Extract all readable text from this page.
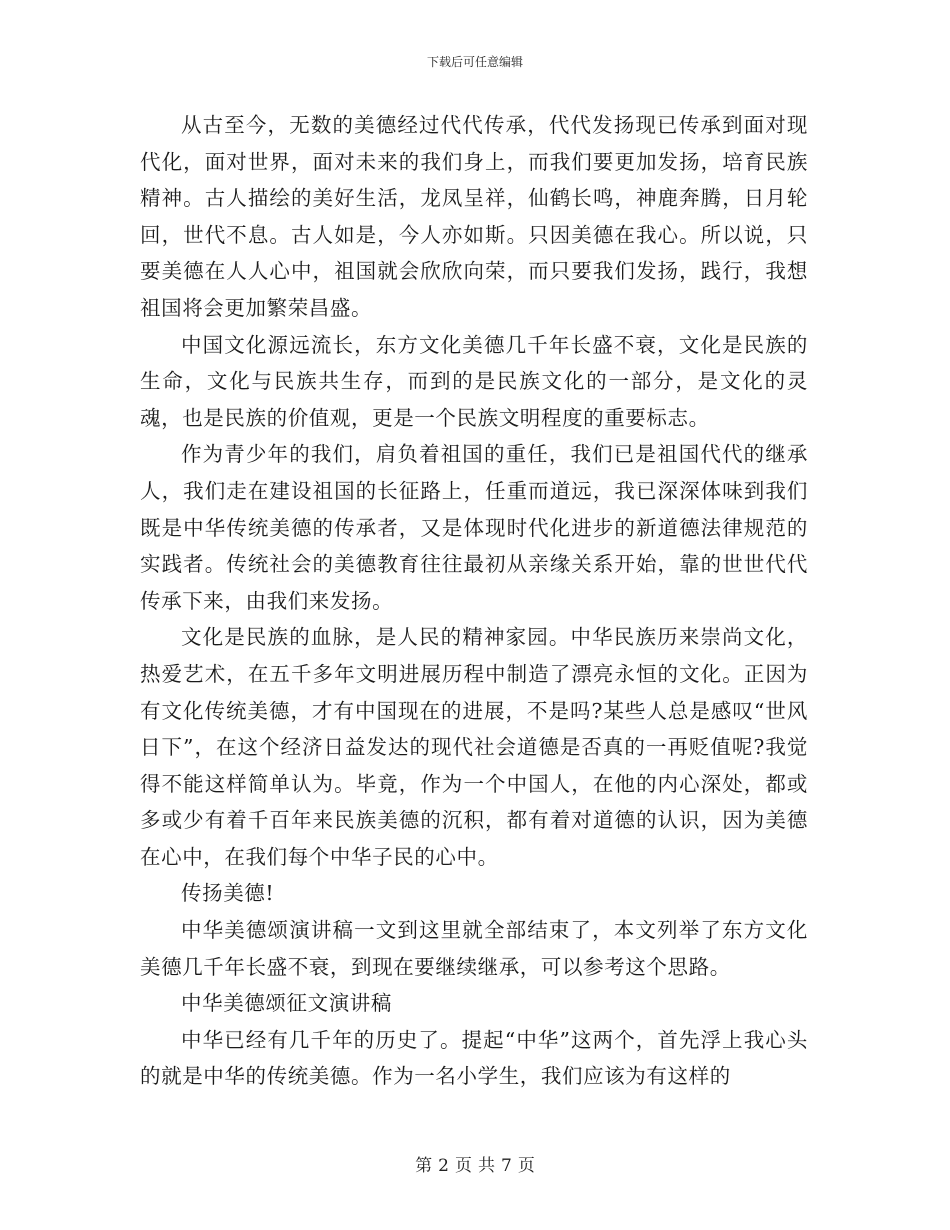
下载后可任意编辑

从古至今，无数的美德经过代代传承，代代发扬现已传承到面对现代化，面对世界，面对未来的我们身上，而我们要更加发扬，培育民族精神。古人描绘的美好生活，龙凤呈祥，仙鹤长鸣，神鹿奔腾，日月轮回，世代不息。古人如是，今人亦如斯。只因美德在我心。所以说，只要美德在人人心中，祖国就会欣欣向荣，而只要我们发扬，践行，我想祖国将会更加繁荣昌盛。

中国文化源远流长，东方文化美德几千年长盛不衰，文化是民族的生命，文化与民族共生存，而到的是民族文化的一部分，是文化的灵魂，也是民族的价值观，更是一个民族文明程度的重要标志。

作为青少年的我们，肩负着祖国的重任，我们已是祖国代代的继承人，我们走在建设祖国的长征路上，任重而道远，我已深深体味到我们既是中华传统美德的传承者，又是体现时代化进步的新道德法律规范的实践者。传统社会的美德教育往往最初从亲缘关系开始，靠的世世代代传承下来，由我们来发扬。

文化是民族的血脉，是人民的精神家园。中华民族历来崇尚文化，热爱艺术，在五千多年文明进展历程中制造了漂亮永恒的文化。正因为有文化传统美德，才有中国现在的进展，不是吗?某些人总是感叹“世风日下”，在这个经济日益发达的现代社会道德是否真的一再贬值呢?我觉得不能这样简单认为。毕竟，作为一个中国人，在他的内心深处，都或多或少有着千百年来民族美德的沉积，都有着对道德的认识，因为美德在心中，在我们每个中华子民的心中。

传扬美德!

中华美德颂演讲稿一文到这里就全部结束了，本文列举了东方文化美德几千年长盛不衰，到现在要继续继承，可以参考这个思路。

中华美德颂征文演讲稿

中华已经有几千年的历史了。提起“中华”这两个，首先浮上我心头的就是中华的传统美德。作为一名小学生，我们应该为有这样的

第 2 页 共 7 页
